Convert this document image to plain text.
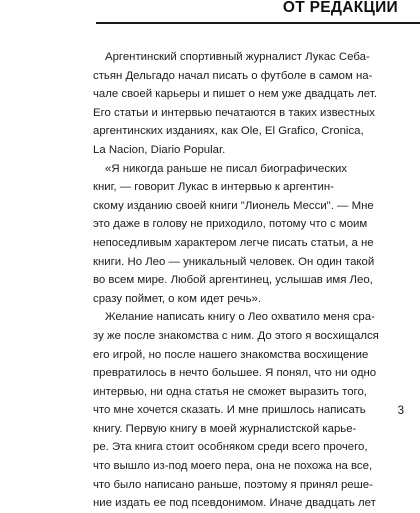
ОТ РЕДАКЦИИ
Аргентинский спортивный журналист Лукас Себа-
стьян Дельгадо начал писать о футболе в самом на-
чале своей карьеры и пишет о нем уже двадцать лет.
Его статьи и интервью печатаются в таких известных
аргентинских изданиях, как Ole, El Grafico, Cronica,
La Nacion, Diario Popular.
«Я никогда раньше не писал биографических
книг, — говорит Лукас в интервью к аргентин-
скому изданию своей книги "Лионель Месси". — Мне
это даже в голову не приходило, потому что с моим
непоседливым характером легче писать статьи, а не
книги. Но Лео — уникальный человек. Он один такой
во всем мире. Любой аргентинец, услышав имя Лео,
сразу поймет, о ком идет речь».
Желание написать книгу о Лео охватило меня сра-
зу же после знакомства с ним. До этого я восхищался
его игрой, но после нашего знакомства восхищение
превратилось в нечто большее. Я понял, что ни одно
интервью, ни одна статья не сможет выразить того,
что мне хочется сказать. И мне пришлось написать
книгу. Первую книгу в моей журналистской карье-
ре. Эта книга стоит особняком среди всего прочего,
что вышло из-под моего пера, она не похожа на все,
что было написано раньше, поэтому я принял реше-
ние издать ее под псевдонимом. Иначе двадцать лет
3
